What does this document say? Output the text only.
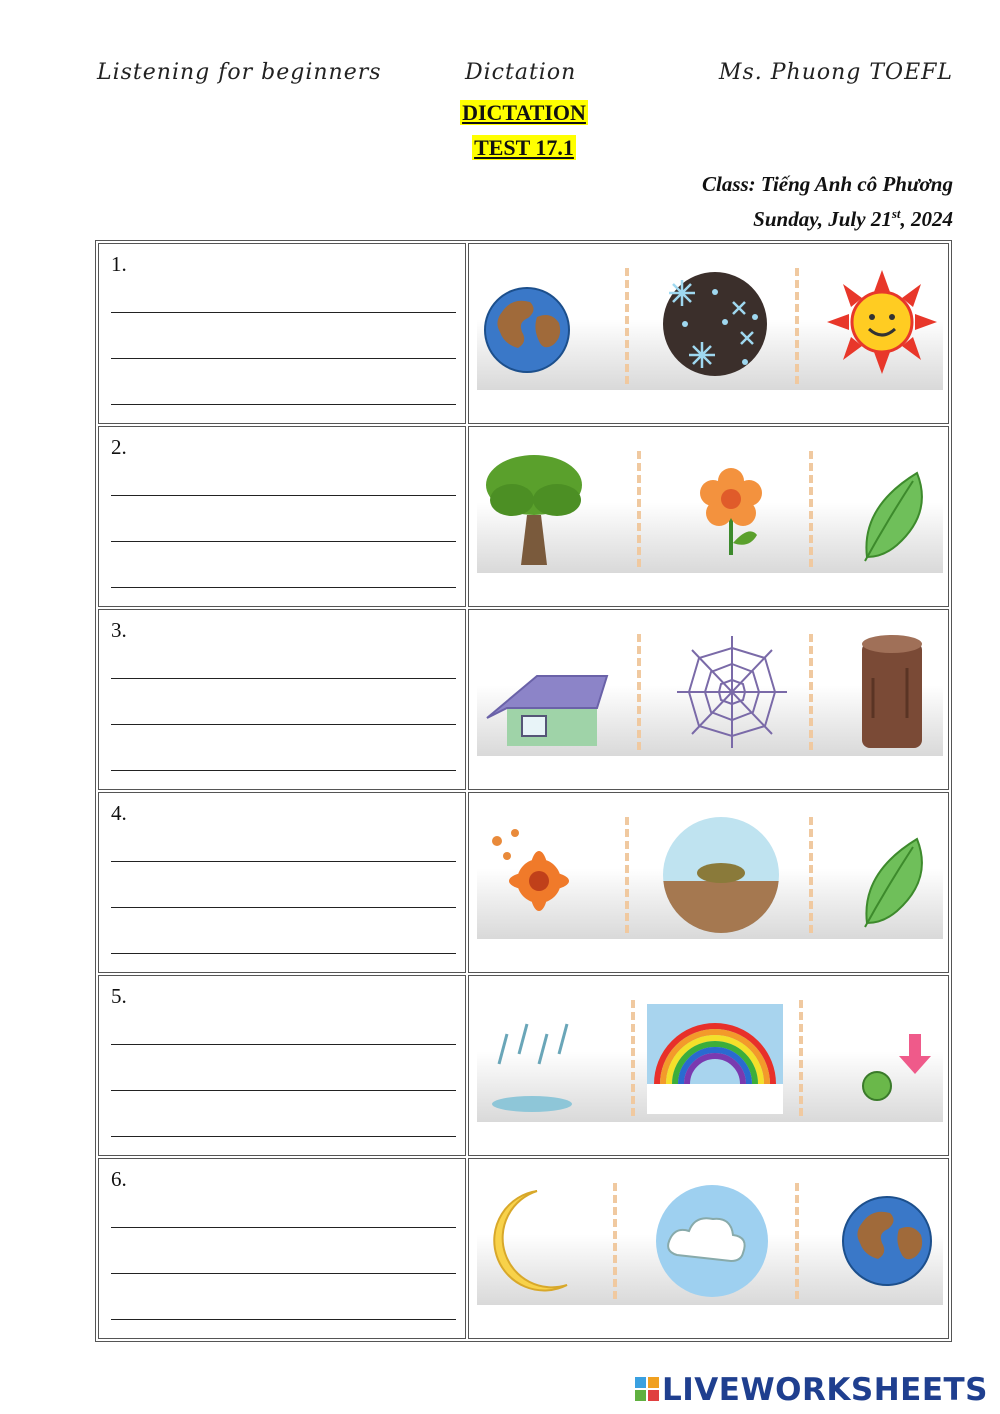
Listening for beginners	Dictation	Ms. Phuong TOEFL
DICTATION
TEST 17.1
Class: Tiếng Anh cô Phương
Sunday, July 21st, 2024
1.

2.

3.

4.

5.

6.

LIVEWORKSHEETS
